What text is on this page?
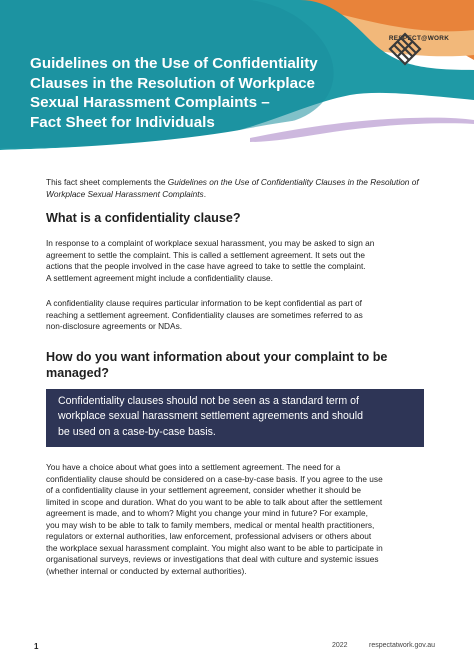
Guidelines on the Use of Confidentiality
Clauses in the Resolution of Workplace
Sexual Harassment Complaints –
Fact Sheet for Individuals
RESPECT@WORK
This fact sheet complements the Guidelines on the Use of Confidentiality Clauses in the Resolution of Workplace Sexual Harassment Complaints.
What is a confidentiality clause?
In response to a complaint of workplace sexual harassment, you may be asked to sign an
agreement to settle the complaint. This is called a settlement agreement. It sets out the
actions that the people involved in the case have agreed to take to settle the complaint.
A settlement agreement might include a confidentiality clause.
A confidentiality clause requires particular information to be kept confidential as part of
reaching a settlement agreement. Confidentiality clauses are sometimes referred to as
non-disclosure agreements or NDAs.
How do you want information about your complaint to be
managed?
You have a choice about what goes into a settlement agreement. The need for a
confidentiality clause should be considered on a case-by-case basis. If you agree to the use
of a confidentiality clause in your settlement agreement, consider whether it should be
limited in scope and duration. What do you want to be able to talk about after the settlement
agreement is made, and to whom? Might you change your mind in future? For example,
you may wish to be able to talk to family members, medical or mental health practitioners,
regulators or external authorities, law enforcement, professional advisers or others about
the workplace sexual harassment complaint. You might also want to be able to participate in
organisational surveys, reviews or investigations that deal with culture and systemic issues
(whether internal or conducted by external authorities).
Confidentiality clauses should not be seen as a standard term of
workplace sexual harassment settlement agreements and should
be used on a case-by-case basis.
1	2022	respectatwork.gov.au
